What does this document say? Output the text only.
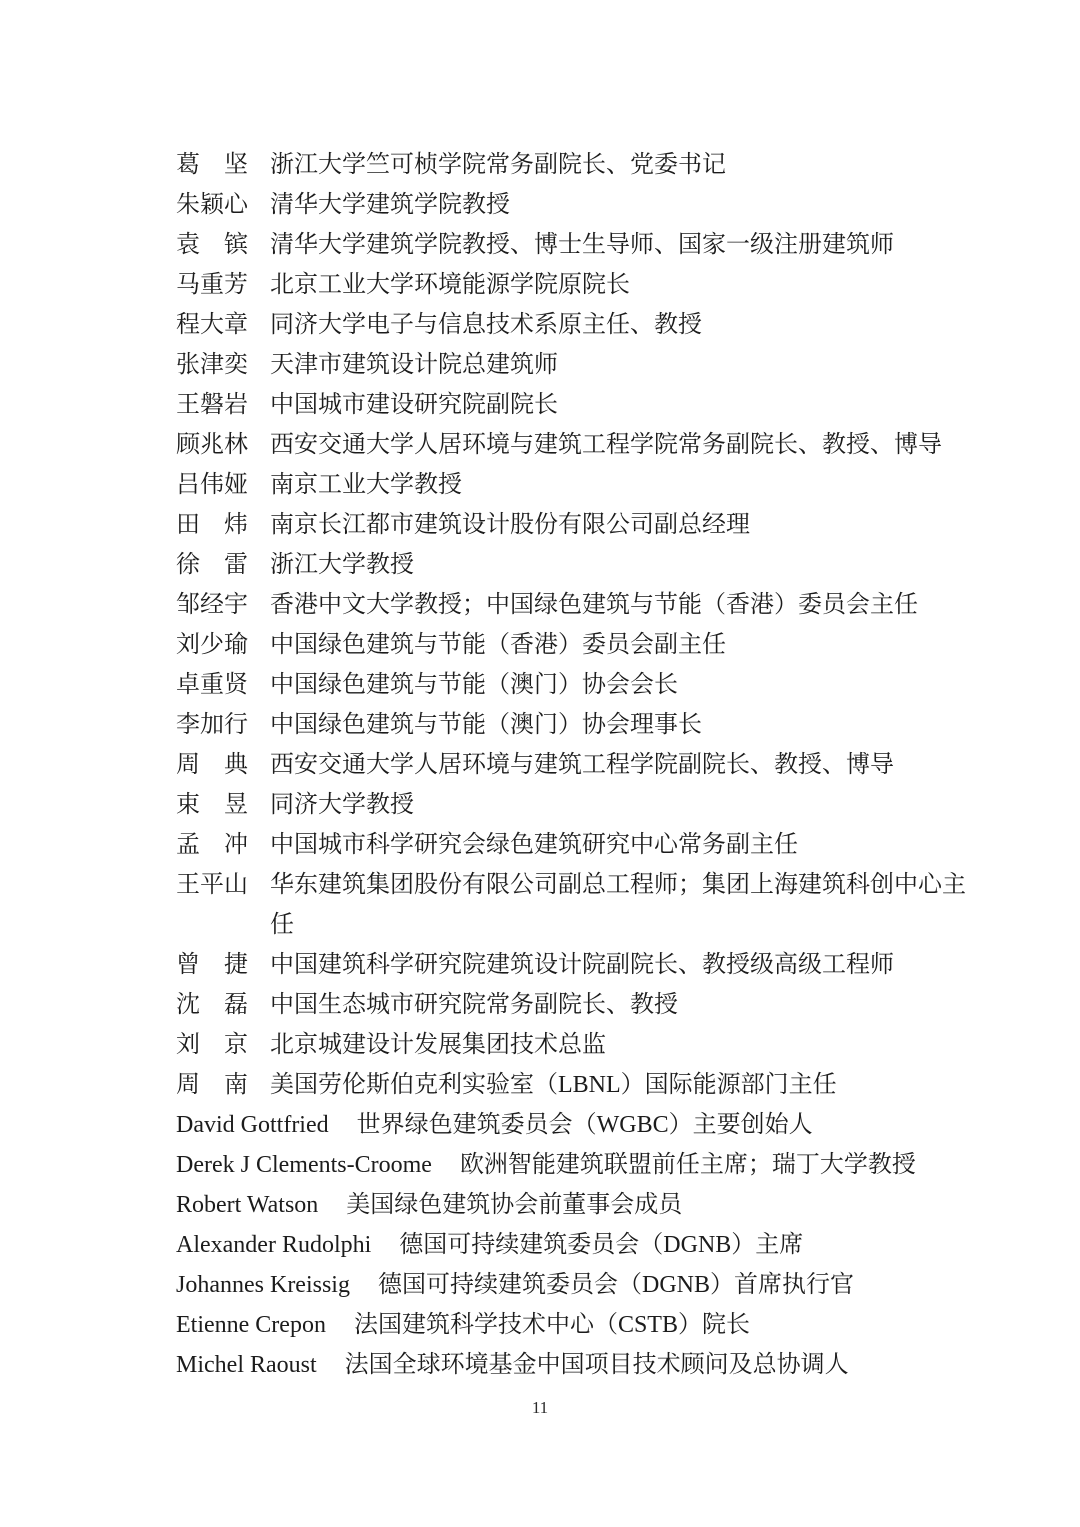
葛　坚 浙江大学竺可桢学院常务副院长、党委书记
朱颖心 清华大学建筑学院教授
袁　镔 清华大学建筑学院教授、博士生导师、国家一级注册建筑师
马重芳 北京工业大学环境能源学院原院长
程大章 同济大学电子与信息技术系原主任、教授
张津奕 天津市建筑设计院总建筑师
王磐岩 中国城市建设研究院副院长
顾兆林 西安交通大学人居环境与建筑工程学院常务副院长、教授、博导
吕伟娅 南京工业大学教授
田　炜 南京长江都市建筑设计股份有限公司副总经理
徐　雷 浙江大学教授
邹经宇 香港中文大学教授；中国绿色建筑与节能（香港）委员会主任
刘少瑜 中国绿色建筑与节能（香港）委员会副主任
卓重贤 中国绿色建筑与节能（澳门）协会会长
李加行 中国绿色建筑与节能（澳门）协会理事长
周　典 西安交通大学人居环境与建筑工程学院副院长、教授、博导
束　昱 同济大学教授
孟　冲 中国城市科学研究会绿色建筑研究中心常务副主任
王平山 华东建筑集团股份有限公司副总工程师；集团上海建筑科创中心主任
曾　捷 中国建筑科学研究院建筑设计院副院长、教授级高级工程师
沈　磊 中国生态城市研究院常务副院长、教授
刘　京 北京城建设计发展集团技术总监
周　南 美国劳伦斯伯克利实验室（LBNL）国际能源部门主任
David Gottfried 世界绿色建筑委员会（WGBC）主要创始人
Derek J Clements-Croome 欧洲智能建筑联盟前任主席；瑞丁大学教授
Robert Watson 美国绿色建筑协会前董事会成员
Alexander Rudolphi 德国可持续建筑委员会（DGNB）主席
Johannes Kreissig 德国可持续建筑委员会（DGNB）首席执行官
Etienne Crepon 法国建筑科学技术中心（CSTB）院长
Michel Raoust 法国全球环境基金中国项目技术顾问及总协调人
11
